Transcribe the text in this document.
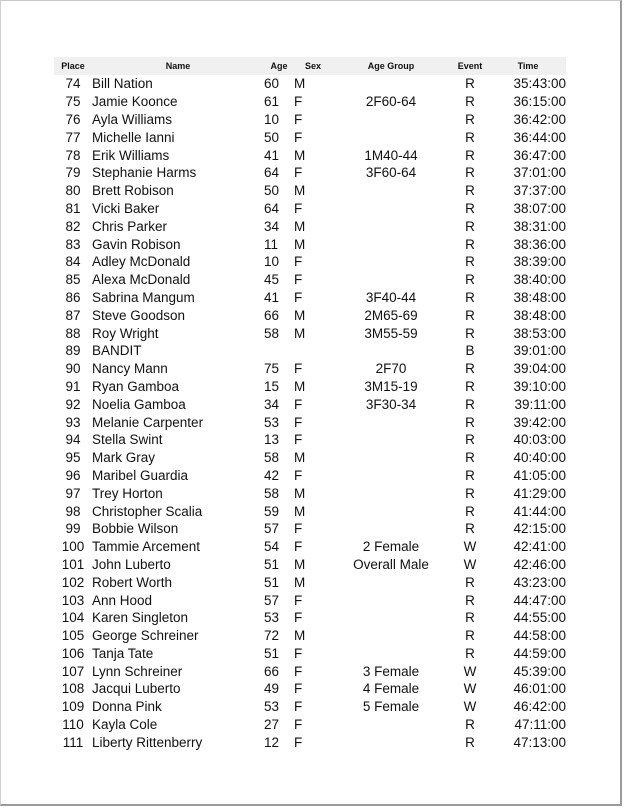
Place	Name	Age	Sex	Age Group	Event	Time
74	Bill Nation	60	M		R	35:43:00
75	Jamie Koonce	61	F	2F60-64	R	36:15:00
76	Ayla Williams	10	F		R	36:42:00
77	Michelle Ianni	50	F		R	36:44:00
78	Erik Williams	41	M	1M40-44	R	36:47:00
79	Stephanie Harms	64	F	3F60-64	R	37:01:00
80	Brett Robison	50	M		R	37:37:00
81	Vicki Baker	64	F		R	38:07:00
82	Chris Parker	34	M		R	38:31:00
83	Gavin Robison	11	M		R	38:36:00
84	Adley McDonald	10	F		R	38:39:00
85	Alexa McDonald	45	F		R	38:40:00
86	Sabrina Mangum	41	F	3F40-44	R	38:48:00
87	Steve Goodson	66	M	2M65-69	R	38:48:00
88	Roy Wright	58	M	3M55-59	R	38:53:00
89	BANDIT				B	39:01:00
90	Nancy Mann	75	F	2F70	R	39:04:00
91	Ryan Gamboa	15	M	3M15-19	R	39:10:00
92	Noelia Gamboa	34	F	3F30-34	R	39:11:00
93	Melanie Carpenter	53	F		R	39:42:00
94	Stella Swint	13	F		R	40:03:00
95	Mark Gray	58	M		R	40:40:00
96	Maribel Guardia	42	F		R	41:05:00
97	Trey Horton	58	M		R	41:29:00
98	Christopher Scalia	59	M		R	41:44:00
99	Bobbie Wilson	57	F		R	42:15:00
100	Tammie Arcement	54	F	2 Female	W	42:41:00
101	John Luberto	51	M	Overall Male	W	42:46:00
102	Robert Worth	51	M		R	43:23:00
103	Ann Hood	57	F		R	44:47:00
104	Karen Singleton	53	F		R	44:55:00
105	George Schreiner	72	M		R	44:58:00
106	Tanja Tate	51	F		R	44:59:00
107	Lynn Schreiner	66	F	3 Female	W	45:39:00
108	Jacqui Luberto	49	F	4 Female	W	46:01:00
109	Donna Pink	53	F	5 Female	W	46:42:00
110	Kayla Cole	27	F		R	47:11:00
111	Liberty Rittenberry	12	F		R	47:13:00
